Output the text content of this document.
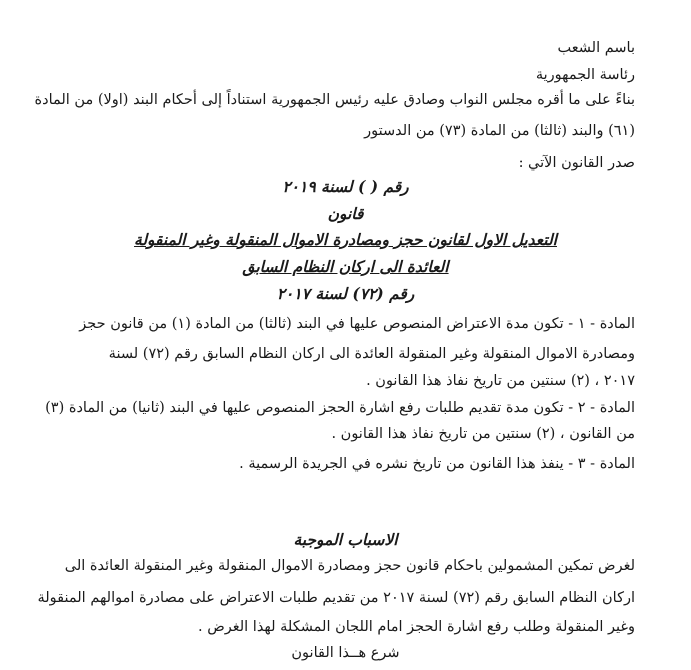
باسم الشعب
رئاسة الجمهورية
بناءً على ما أقره مجلس النواب وصادق عليه رئيس الجمهورية استناداً إلى أحكام البند (اولا) من المادة
(٦١) والبند (ثالثا) من المادة (٧٣) من الدستور
صدر القانون الآتي :
رقم ( ) لسنة ٢٠١٩
قانون
التعديل الاول لقانون حجز ومصادرة الاموال المنقولة وغير المنقولة
العائدة الى اركان النظام السابق
رقم (٧٢) لسنة ٢٠١٧
المادة - ١ - تكون مدة الاعتراض المنصوص عليها في البند (ثالثا) من المادة (١) من قانون حجز
ومصادرة الاموال المنقولة وغير المنقولة العائدة الى اركان النظام السابق رقم (٧٢) لسنة
٢٠١٧ ، (٢) سنتين من تاريخ نفاذ هذا القانون .
المادة - ٢ - تكون مدة تقديم طلبات رفع اشارة الحجز المنصوص عليها في البند (ثانيا) من المادة (٣)
من القانون ، (٢) سنتين من تاريخ نفاذ هذا القانون .
المادة - ٣ - ينفذ هذا القانون من تاريخ نشره في الجريدة الرسمية .
الاسباب الموجبة
لغرض تمكين المشمولين باحكام قانون حجز ومصادرة الاموال المنقولة وغير المنقولة العائدة الى
اركان النظام السابق رقم (٧٢) لسنة ٢٠١٧ من تقديم طلبات الاعتراض على مصادرة اموالهم المنقولة
وغير المنقولة وطلب رفع اشارة الحجز امام اللجان المشكلة لهذا الغرض .
شرع هــذا القانون
